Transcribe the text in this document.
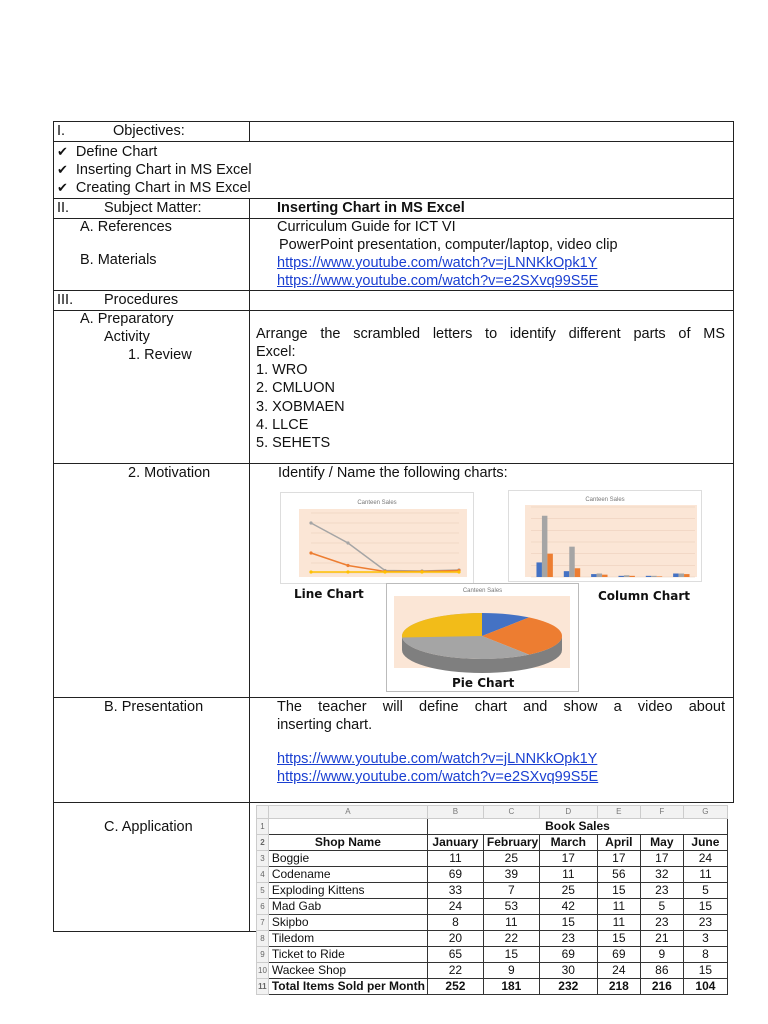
I.	Objectives:
✔ Define Chart
✔ Inserting Chart in MS Excel
✔ Creating Chart in MS Excel
II. Subject Matter:	Inserting Chart in MS Excel
A. References	Curriculum Guide for ICT VI
PowerPoint presentation, computer/laptop, video clip
B. Materials	https://www.youtube.com/watch?v=jLNNKkOpk1Y
https://www.youtube.com/watch?v=e2SXvq99S5E
III. Procedures
A. Preparatory
Activity
1. Review
Arrange the scrambled letters to identify different parts of MS
Excel:
1. WRO
2. CMLUON
3. XOBMAEN
4. LLCE
5. SEHETS
2. Motivation	Identify / Name the following charts:
Canteen Sales
Line Chart
Canteen Sales
Column Chart
Canteen Sales
Pie Chart
B. Presentation	The teacher will define chart and show a video about
inserting chart.
https://www.youtube.com/watch?v=jLNNKkOpk1Y
https://www.youtube.com/watch?v=e2SXvq99S5E
C. Application
	A	B	C	D	E	F	G
1		Book Sales					
2	Shop Name	January	February	March	April	May	June
3	Boggie	11	25	17	17	17	24
4	Codename	69	39	11	56	32	11
5	Exploding Kittens	33	7	25	15	23	5
6	Mad Gab	24	53	42	11	5	15
7	Skipbo	8	11	15	11	23	23
8	Tiledom	20	22	23	15	21	3
9	Ticket to Ride	65	15	69	69	9	8
10	Wackee Shop	22	9	30	24	86	15
11	Total Items Sold per Month	252	181	232	218	216	104
